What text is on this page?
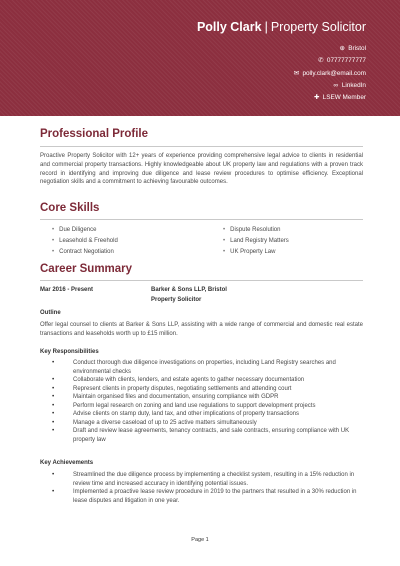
Polly Clark | Property Solicitor
⊕ Bristol
✆ 07777777777
✉ polly.clark@email.com
∞ LinkedIn
✚ LSEW Member
Professional Profile
Proactive Property Solicitor with 12+ years of experience providing comprehensive legal advice to clients in residential and commercial property transactions. Highly knowledgeable about UK property law and regulations with a proven track record in identifying and improving due diligence and lease review procedures to optimise efficiency. Exceptional negotiation skills and a commitment to achieving favourable outcomes.
Core Skills
• Due Diligence
• Leasehold & Freehold
• Contract Negotiation
• Dispute Resolution
• Land Registry Matters
• UK Property Law
Career Summary
Mar 2016 - Present	Barker & Sons LLP, Bristol
Property Solicitor
Outline
Offer legal counsel to clients at Barker & Sons LLP, assisting with a wide range of commercial and domestic real estate transactions and leaseholds worth up to £15 million.
Key Responsibilities
• Conduct thorough due diligence investigations on properties, including Land Registry searches and environmental checks
• Collaborate with clients, lenders, and estate agents to gather necessary documentation
• Represent clients in property disputes, negotiating settlements and attending court
• Maintain organised files and documentation, ensuring compliance with GDPR
• Perform legal research on zoning and land use regulations to support development projects
• Advise clients on stamp duty, land tax, and other implications of property transactions
• Manage a diverse caseload of up to 25 active matters simultaneously
• Draft and review lease agreements, tenancy contracts, and sale contracts, ensuring compliance with UK property law
Key Achievements
• Streamlined the due diligence process by implementing a checklist system, resulting in a 15% reduction in review time and increased accuracy in identifying potential issues.
• Implemented a proactive lease review procedure in 2019 to the partners that resulted in a 30% reduction in lease disputes and litigation in one year.
Page 1
